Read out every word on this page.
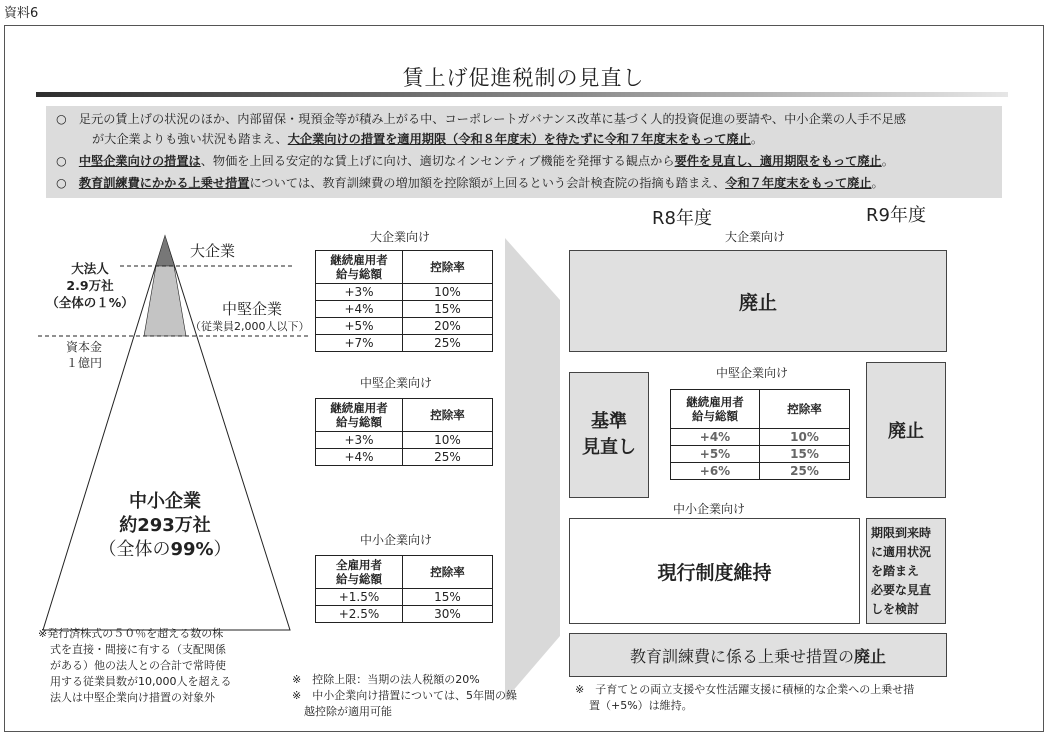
資料6
賃上げ促進税制の見直し
○　足元の賃上げの状況のほか、内部留保・現預金等が積み上がる中、コーポレートガバナンス改革に基づく人的投資促進の要請や、中小企業の人手不足感
が大企業よりも強い状況も踏まえ、大企業向けの措置を適用期限（令和８年度末）を待たずに令和７年度末をもって廃止。
○　中堅企業向けの措置は、物価を上回る安定的な賃上げに向け、適切なインセンティブ機能を発揮する観点から要件を見直し、適用期限をもって廃止。
○　教育訓練費にかかる上乗せ措置については、教育訓練費の増加額を控除額が上回るという会計検査院の指摘も踏まえ、令和７年度末をもって廃止。
大企業
中堅企業
（従業員2,000人以下）
大法人
2.9万社
（全体の１%）
資本金
１億円
中小企業
約293万社
（全体の99%）
※発行済株式の５０％を超える数の株
式を直接・間接に有する（支配関係
がある）他の法人との合計で常時使
用する従業員数が10,000人を超える
法人は中堅企業向け措置の対象外
大企業向け
継続雇用者
給与総額	控除率
+3%	10%
+4%	15%
+5%	20%
+7%	25%
中堅企業向け
継続雇用者
給与総額	控除率
+3%	10%
+4%	25%
中小企業向け
全雇用者
給与総額	控除率
+1.5%	15%
+2.5%	30%
※　控除上限：当期の法人税額の20%
※　中小企業向け措置については、5年間の繰
越控除が適用可能
R8年度	R9年度
大企業向け
廃止
基準
見直し
中堅企業向け
継続雇用者
給与総額	控除率
+4%	10%
+5%	15%
+6%	25%
廃止
中小企業向け
現行制度維持
期限到来時
に適用状況
を踏まえ
必要な見直
しを検討
教育訓練費に係る上乗せ措置の 廃止
※　子育てとの両立支援や女性活躍支援に積極的な企業への上乗せ措
置（+5%）は維持。
